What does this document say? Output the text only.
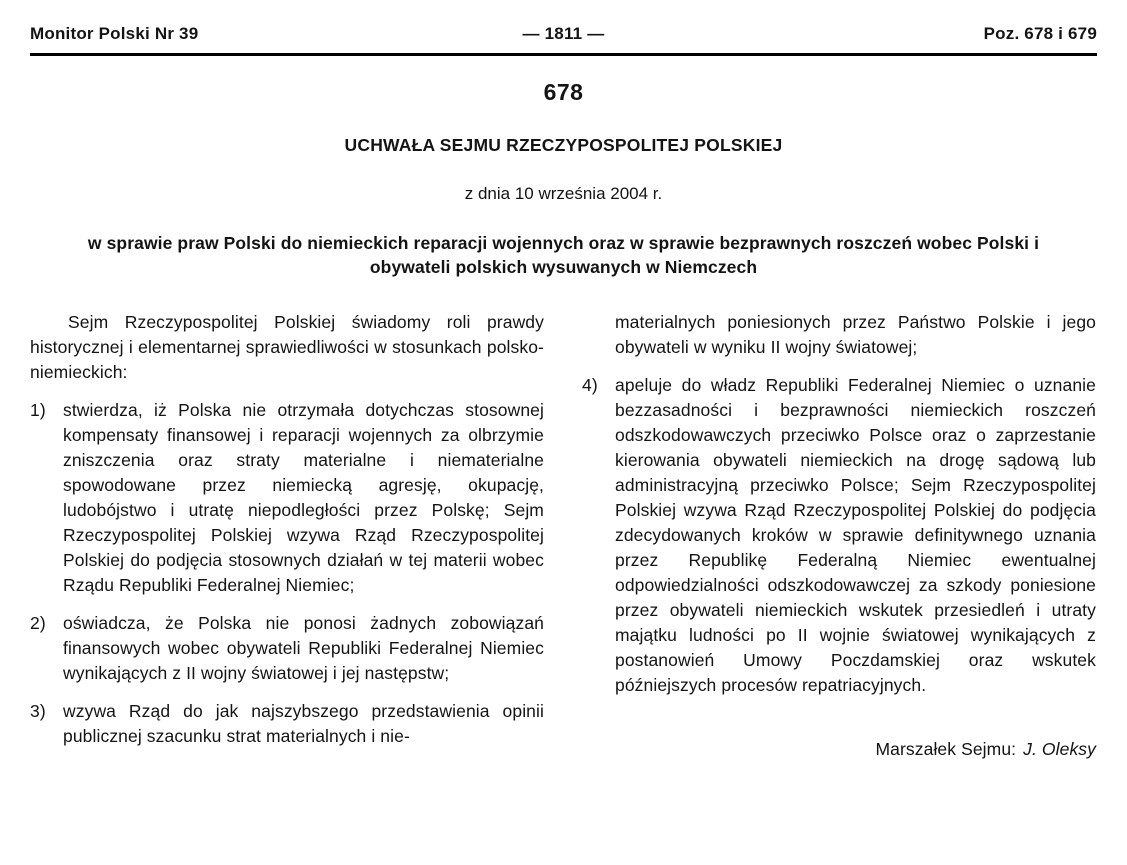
Monitor Polski Nr 39	— 1811 —	Poz. 678 i 679
678
UCHWAŁA SEJMU RZECZYPOSPOLITEJ POLSKIEJ
z dnia 10 września 2004 r.
w sprawie praw Polski do niemieckich reparacji wojennych oraz w sprawie bezprawnych roszczeń wobec Polski i obywateli polskich wysuwanych w Niemczech

Sejm Rzeczypospolitej Polskiej świadomy roli prawdy historycznej i elementarnej sprawiedliwości w stosunkach polsko-niemieckich:

1) stwierdza, iż Polska nie otrzymała dotychczas stosownej kompensaty finansowej i reparacji wojennych za olbrzymie zniszczenia oraz straty materialne i niematerialne spowodowane przez niemiecką agresję, okupację, ludobójstwo i utratę niepodległości przez Polskę; Sejm Rzeczypospolitej Polskiej wzywa Rząd Rzeczypospolitej Polskiej do podjęcia stosownych działań w tej materii wobec Rządu Republiki Federalnej Niemiec;

2) oświadcza, że Polska nie ponosi żadnych zobowiązań finansowych wobec obywateli Republiki Federalnej Niemiec wynikających z II wojny światowej i jej następstw;

3) wzywa Rząd do jak najszybszego przedstawienia opinii publicznej szacunku strat materialnych i nie-

materialnych poniesionych przez Państwo Polskie i jego obywateli w wyniku II wojny światowej;

4) apeluje do władz Republiki Federalnej Niemiec o uznanie bezzasadności i bezprawności niemieckich roszczeń odszkodowawczych przeciwko Polsce oraz o zaprzestanie kierowania obywateli niemieckich na drogę sądową lub administracyjną przeciwko Polsce; Sejm Rzeczypospolitej Polskiej wzywa Rząd Rzeczypospolitej Polskiej do podjęcia zdecydowanych kroków w sprawie definitywnego uznania przez Republikę Federalną Niemiec ewentualnej odpowiedzialności odszkodowawczej za szkody poniesione przez obywateli niemieckich wskutek przesiedleń i utraty majątku ludności po II wojnie światowej wynikających z postanowień Umowy Poczdamskiej oraz wskutek późniejszych procesów repatriacyjnych.

Marszałek Sejmu: J. Oleksy
